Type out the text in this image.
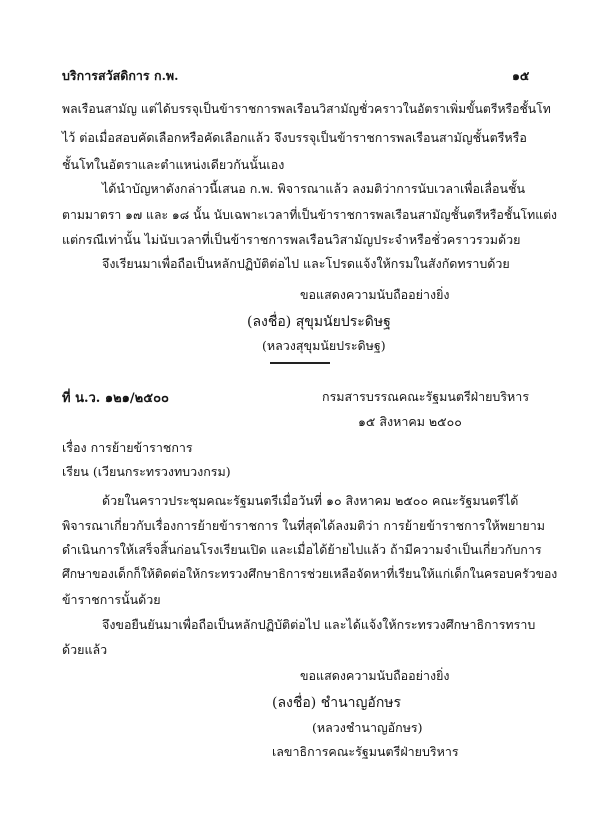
บริการสวัสดิการ ก.พ.	๑๕
พลเรือนสามัญ แต่ได้บรรจุเป็นข้าราชการพลเรือนวิสามัญชั่วคราวในอัตราเพิ่มขั้นตรีหรือชั้นโท
ไว้ ต่อเมื่อสอบคัดเลือกหรือคัดเลือกแล้ว จึงบรรจุเป็นข้าราชการพลเรือนสามัญชั้นตรีหรือ
ชั้นโทในอัตราและตำแหน่งเดียวกันนั้นเอง
ได้นำบัญหาดังกล่าวนี้เสนอ ก.พ. พิจารณาแล้ว ลงมติว่าการนับเวลาเพื่อเลื่อนชั้น
ตามมาตรา ๑๗ และ ๑๘ นั้น นับเฉพาะเวลาที่เป็นข้าราชการพลเรือนสามัญชั้นตรีหรือชั้นโทแต่ง
แต่กรณีเท่านั้น ไม่นับเวลาที่เป็นข้าราชการพลเรือนวิสามัญประจำหรือชั่วคราวรวมด้วย
จึงเรียนมาเพื่อถือเป็นหลักปฏิบัติต่อไป และโปรดแจ้งให้กรมในสังกัดทราบด้วย
ขอแสดงความนับถืออย่างยิ่ง
(ลงชื่อ) สุขุมนัยประดิษฐ
(หลวงสุขุมนัยประดิษฐ)
ที่ น.ว. ๑๒๑/๒๕๐๐	กรมสารบรรณคณะรัฐมนตรีฝ่ายบริหาร
๑๕ สิงหาคม ๒๕๐๐
เรื่อง การย้ายข้าราชการ
เรียน (เวียนกระทรวงทบวงกรม)
ด้วยในคราวประชุมคณะรัฐมนตรีเมื่อวันที่ ๑๐ สิงหาคม ๒๕๐๐ คณะรัฐมนตรีได้
พิจารณาเกี่ยวกับเรื่องการย้ายข้าราชการ ในที่สุดได้ลงมติว่า การย้ายข้าราชการให้พยายาม
ดำเนินการให้เสร็จสิ้นก่อนโรงเรียนเปิด และเมื่อได้ย้ายไปแล้ว ถ้ามีความจำเป็นเกี่ยวกับการ
ศึกษาของเด็กก็ให้ติดต่อให้กระทรวงศึกษาธิการช่วยเหลือจัดหาที่เรียนให้แก่เด็กในครอบครัวของ
ข้าราชการนั้นด้วย
จึงขอยืนยันมาเพื่อถือเป็นหลักปฏิบัติต่อไป และได้แจ้งให้กระทรวงศึกษาธิการทราบ
ด้วยแล้ว
ขอแสดงความนับถืออย่างยิ่ง
(ลงชื่อ) ชำนาญอักษร
(หลวงชำนาญอักษร)
เลขาธิการคณะรัฐมนตรีฝ่ายบริหาร
